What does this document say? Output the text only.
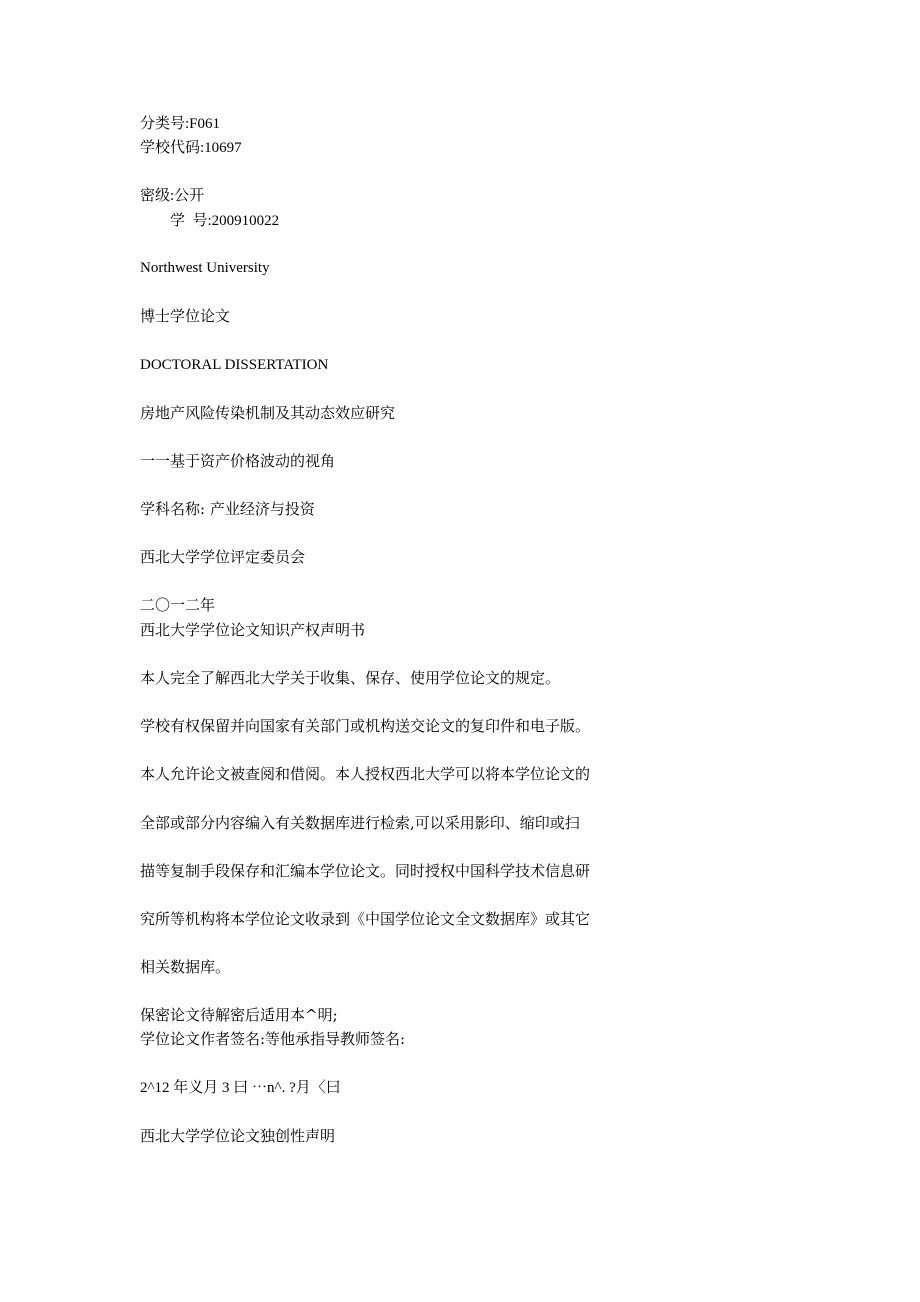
分类号:F061

学校代码:10697

密级:公开

学  号:200910022

Northwest University

博士学位论文

DOCTORAL DISSERTATION

房地产风险传染机制及其动态效应研究

一一基于资产价格波动的视角

学科名称: 产业经济与投资

西北大学学位评定委员会

二〇一二年

西北大学学位论文知识产权声明书

本人完全了解西北大学关于收集、保存、使用学位论文的规定。

学校有权保留并向国家有关部门或机构送交论文的复印件和电子版。

本人允许论文被查阅和借阅。本人授权西北大学可以将本学位论文的

全部或部分内容编入有关数据库进行检索,可以采用影印、缩印或扫

描等复制手段保存和汇编本学位论文。同时授权中国科学技术信息研

究所等机构将本学位论文收录到《中国学位论文全文数据库》或其它

相关数据库。

保密论文待解密后适用本^明;

学位论文作者签名:等他承指导教师签名:

2^12 年义月 3 曰 ⋯n^. ?月〈曰

西北大学学位论文独创性声明
